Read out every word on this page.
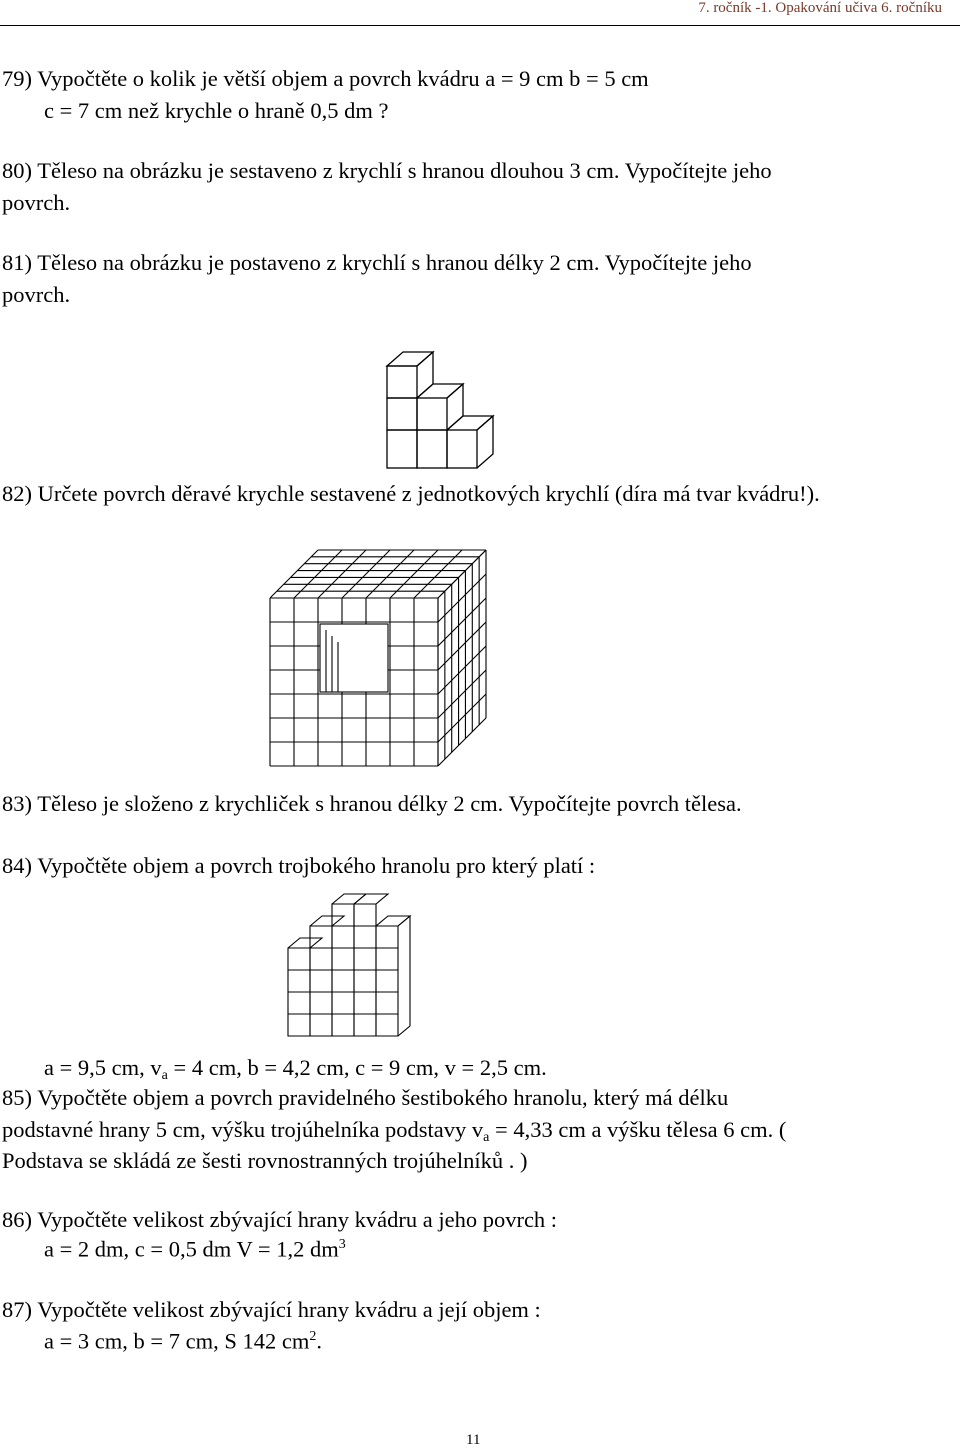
7. ročník -1. Opakování učiva 6. ročníku
79) Vypočtěte o kolik je větší objem a povrch kvádru a = 9 cm b = 5 cm
c = 7 cm než krychle o hraně 0,5 dm ?
80) Těleso na obrázku je sestaveno z krychlí s hranou dlouhou 3 cm. Vypočítejte jeho
povrch.
81) Těleso na obrázku je postaveno z krychlí s hranou délky 2 cm. Vypočítejte jeho
povrch.
82) Určete povrch děravé krychle sestavené z jednotkových krychlí (díra má tvar kvádru!).
83) Těleso je složeno z krychliček s hranou délky 2 cm. Vypočítejte povrch tělesa.
84) Vypočtěte objem a povrch trojbokého hranolu pro který platí :
a = 9,5 cm, va = 4 cm, b = 4,2 cm, c = 9 cm, v = 2,5 cm.
85) Vypočtěte objem a povrch pravidelného šestibokého hranolu, který má délku
podstavné hrany 5 cm, výšku trojúhelníka podstavy va = 4,33 cm a výšku tělesa 6 cm. (
Podstava se skládá ze šesti rovnostranných trojúhelníků . )
86) Vypočtěte velikost zbývající hrany kvádru a jeho povrch :
a = 2 dm, c = 0,5 dm V = 1,2 $dm^3$
87) Vypočtěte velikost zbývající hrany kvádru a její objem :
a = 3 cm, b = 7 cm, S 142 $cm^2$.
11
